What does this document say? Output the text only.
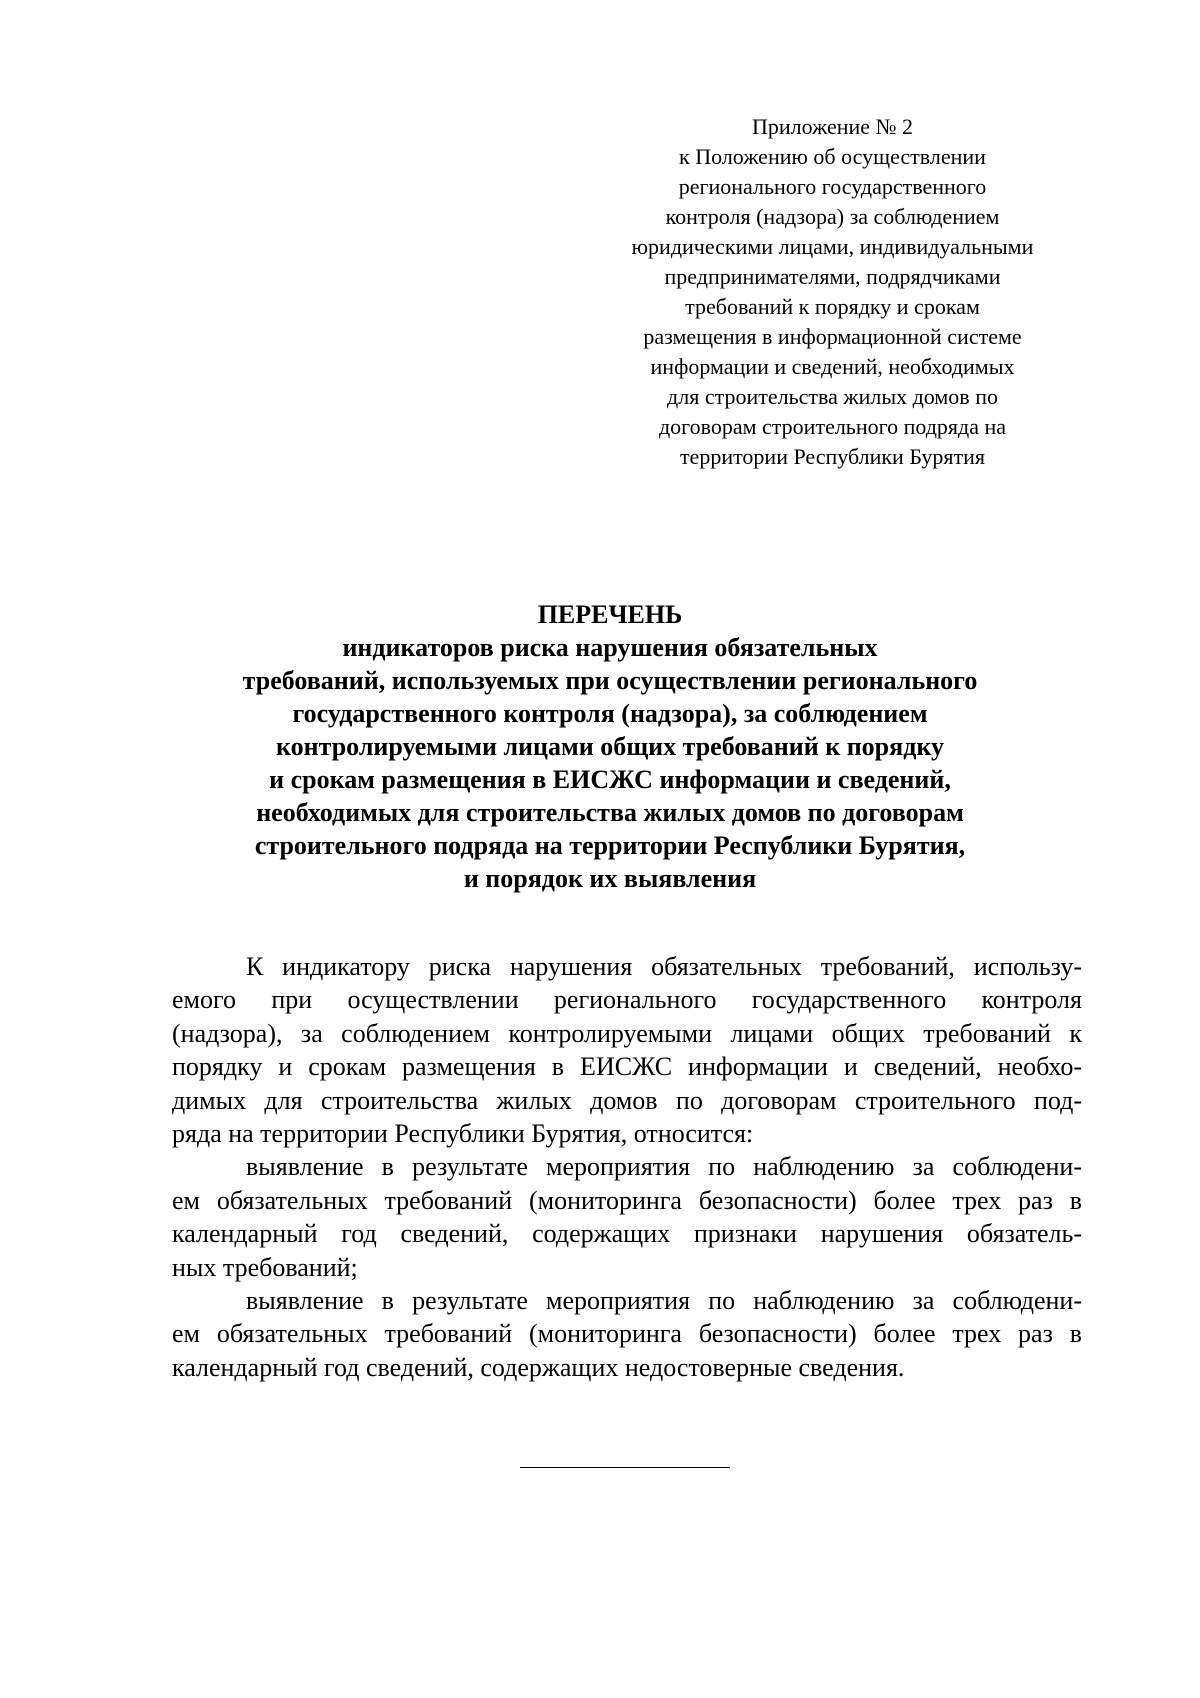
Приложение № 2
к Положению об осуществлении
регионального государственного
контроля (надзора) за соблюдением
юридическими лицами, индивидуальными
предпринимателями, подрядчиками
требований к порядку и срокам
размещения в информационной системе
информации и сведений, необходимых
для строительства жилых домов по
договорам строительного подряда на
территории Республики Бурятия
ПЕРЕЧЕНЬ
индикаторов риска нарушения обязательных
требований, используемых при осуществлении регионального
государственного контроля (надзора), за соблюдением
контролируемыми лицами общих требований к порядку
и срокам размещения в ЕИСЖС информации и сведений,
необходимых для строительства жилых домов по договорам
строительного подряда на территории Республики Бурятия,
и порядок их выявления
К индикатору риска нарушения обязательных требований, использу-
емого при осуществлении регионального государственного контроля
(надзора), за соблюдением контролируемыми лицами общих требований к
порядку и срокам размещения в ЕИСЖС информации и сведений, необхо-
димых для строительства жилых домов по договорам строительного под-
ряда на территории Республики Бурятия, относится:
выявление в результате мероприятия по наблюдению за соблюдени-
ем обязательных требований (мониторинга безопасности) более трех раз в
календарный год сведений, содержащих признаки нарушения обязатель-
ных требований;
выявление в результате мероприятия по наблюдению за соблюдени-
ем обязательных требований (мониторинга безопасности) более трех раз в
календарный год сведений, содержащих недостоверные сведения.
